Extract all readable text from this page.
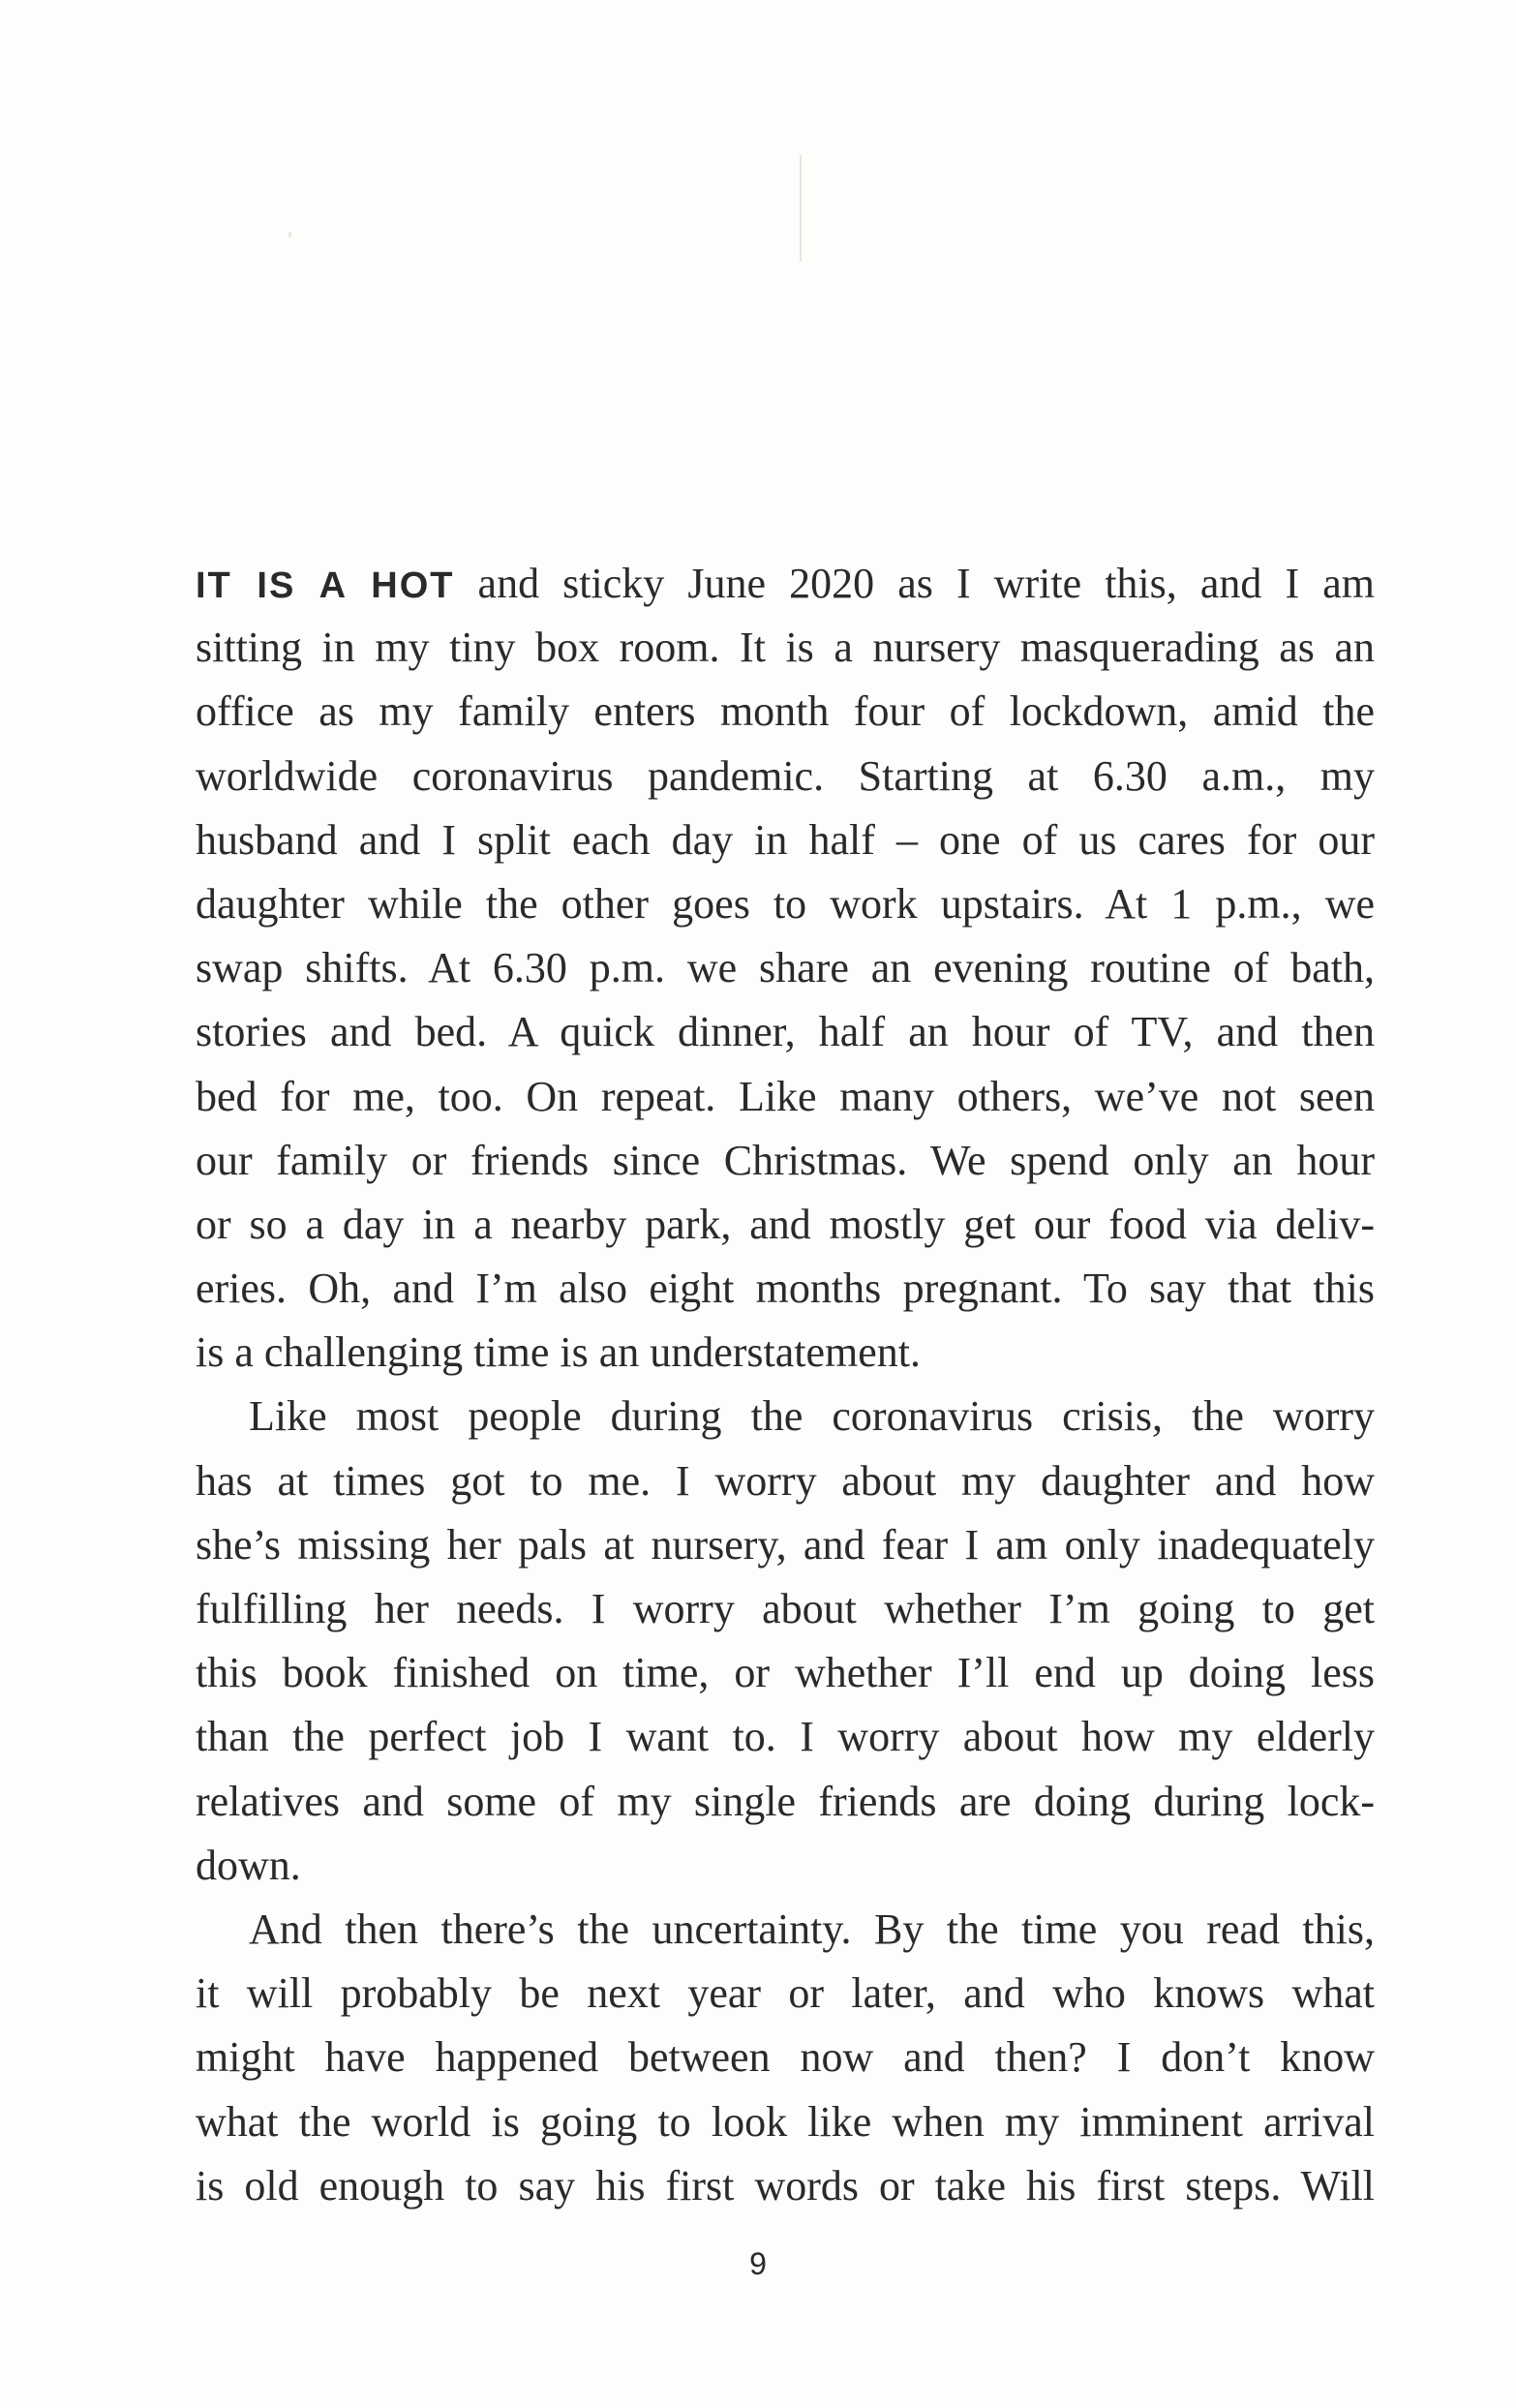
IT IS A HOT and sticky June 2020 as I write this, and I am
sitting in my tiny box room. It is a nursery masquerading as an
office as my family enters month four of lockdown, amid the
worldwide coronavirus pandemic. Starting at 6.30 a.m., my
husband and I split each day in half – one of us cares for our
daughter while the other goes to work upstairs. At 1 p.m., we
swap shifts. At 6.30 p.m. we share an evening routine of bath,
stories and bed. A quick dinner, half an hour of TV, and then
bed for me, too. On repeat. Like many others, we’ve not seen
our family or friends since Christmas. We spend only an hour
or so a day in a nearby park, and mostly get our food via deliv-
eries. Oh, and I’m also eight months pregnant. To say that this
is a challenging time is an understatement.
Like most people during the coronavirus crisis, the worry
has at times got to me. I worry about my daughter and how
she’s missing her pals at nursery, and fear I am only inadequately
fulfilling her needs. I worry about whether I’m going to get
this book finished on time, or whether I’ll end up doing less
than the perfect job I want to. I worry about how my elderly
relatives and some of my single friends are doing during lock-
down.
And then there’s the uncertainty. By the time you read this,
it will probably be next year or later, and who knows what
might have happened between now and then? I don’t know
what the world is going to look like when my imminent arrival
is old enough to say his first words or take his first steps. Will
9
